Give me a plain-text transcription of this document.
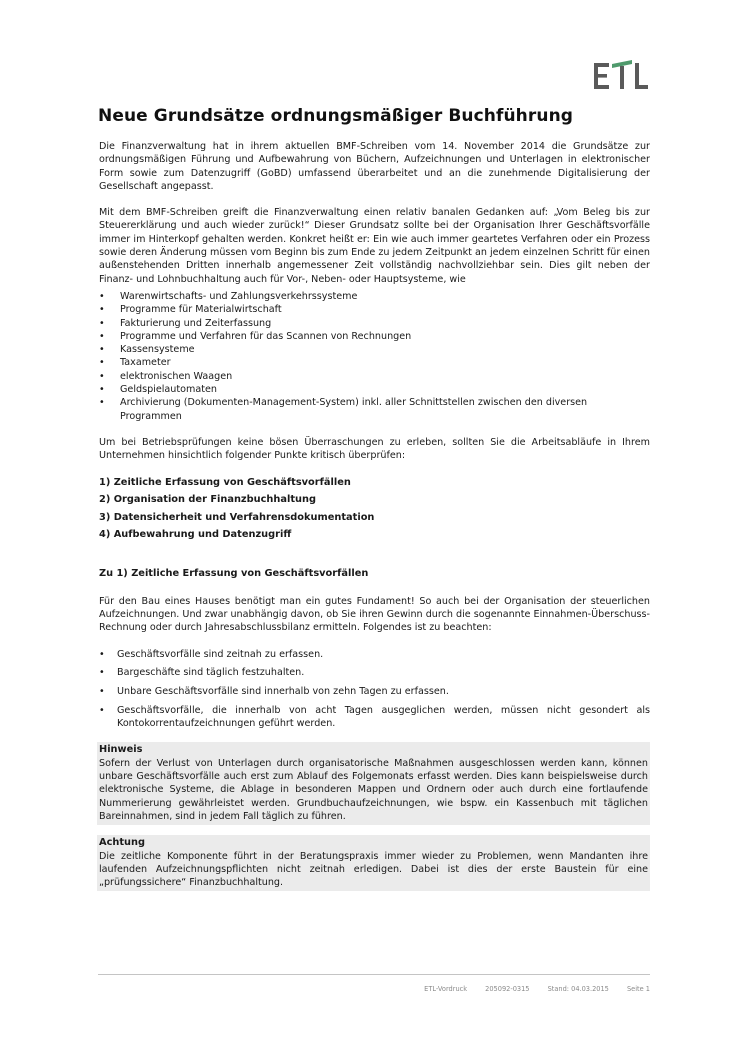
Neue Grundsätze ordnungsmäßiger Buchführung

Die Finanzverwaltung hat in ihrem aktuellen BMF-Schreiben vom 14. November 2014 die Grundsätze zur ordnungsmäßigen Führung und Aufbewahrung von Büchern, Aufzeichnungen und Unterlagen in elektronischer Form sowie zum Datenzugriff (GoBD) umfassend überarbeitet und an die zunehmende Digitalisierung der Gesellschaft angepasst.

Mit dem BMF-Schreiben greift die Finanzverwaltung einen relativ banalen Gedanken auf: „Vom Beleg bis zur Steuererklärung und auch wieder zurück!“ Dieser Grundsatz sollte bei der Organisation Ihrer Geschäftsvorfälle immer im Hinterkopf gehalten werden. Konkret heißt er: Ein wie auch immer geartetes Verfahren oder ein Prozess sowie deren Änderung müssen vom Beginn bis zum Ende zu jedem Zeitpunkt an jedem einzelnen Schritt für einen außenstehenden Dritten innerhalb angemessener Zeit vollständig nachvollziehbar sein. Dies gilt neben der Finanz- und Lohnbuchhaltung auch für Vor-, Neben- oder Hauptsysteme, wie

• Warenwirtschafts- und Zahlungsverkehrssysteme
• Programme für Materialwirtschaft
• Fakturierung und Zeiterfassung
• Programme und Verfahren für das Scannen von Rechnungen
• Kassensysteme
• Taxameter
• elektronischen Waagen
• Geldspielautomaten
• Archivierung (Dokumenten-Management-System) inkl. aller Schnittstellen zwischen den diversen Programmen

Um bei Betriebsprüfungen keine bösen Überraschungen zu erleben, sollten Sie die Arbeitsabläufe in Ihrem Unternehmen hinsichtlich folgender Punkte kritisch überprüfen:

1) Zeitliche Erfassung von Geschäftsvorfällen
2) Organisation der Finanzbuchhaltung
3) Datensicherheit und Verfahrensdokumentation
4) Aufbewahrung und Datenzugriff
Zu 1) Zeitliche Erfassung von Geschäftsvorfällen

Für den Bau eines Hauses benötigt man ein gutes Fundament! So auch bei der Organisation der steuerlichen Aufzeichnungen. Und zwar unabhängig davon, ob Sie ihren Gewinn durch die sogenannte Einnahmen-Überschuss-Rechnung oder durch Jahresabschlussbilanz ermitteln. Folgendes ist zu beachten:

• Geschäftsvorfälle sind zeitnah zu erfassen.
• Bargeschäfte sind täglich festzuhalten.
• Unbare Geschäftsvorfälle sind innerhalb von zehn Tagen zu erfassen.
• Geschäftsvorfälle, die innerhalb von acht Tagen ausgeglichen werden, müssen nicht gesondert als Kontokorrentaufzeichnungen geführt werden.
Hinweis
Sofern der Verlust von Unterlagen durch organisatorische Maßnahmen ausgeschlossen werden kann, können unbare Geschäftsvorfälle auch erst zum Ablauf des Folgemonats erfasst werden. Dies kann beispielsweise durch elektronische Systeme, die Ablage in besonderen Mappen und Ordnern oder auch durch eine fortlaufende Nummerierung gewährleistet werden. Grundbuchaufzeichnungen, wie bspw. ein Kassenbuch mit täglichen Bareinnahmen, sind in jedem Fall täglich zu führen.
Achtung
Die zeitliche Komponente führt in der Beratungspraxis immer wieder zu Problemen, wenn Mandanten ihre laufenden Aufzeichnungspflichten nicht zeitnah erledigen. Dabei ist dies der erste Baustein für eine „prüfungssichere“ Finanzbuchhaltung.
ETL-Vordruck	205092-0315	Stand: 04.03.2015	Seite 1
